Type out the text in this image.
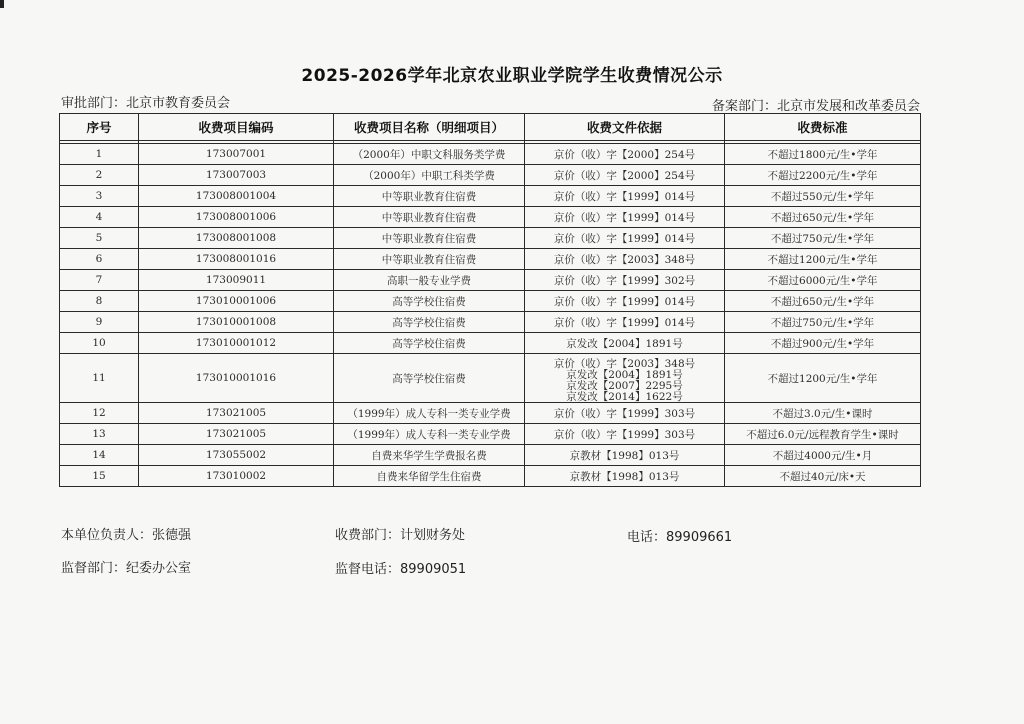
2025-2026学年北京农业职业学院学生收费情况公示
审批部门：北京市教育委员会	备案部门：北京市发展和改革委员会
序号	收费项目编码	收费项目名称（明细项目）	收费文件依据	收费标准

1	173007001	（2000年）中职文科服务类学费	京价（收）字【2000】254号	不超过1800元/生•学年
2	173007003	（2000年）中职工科类学费	京价（收）字【2000】254号	不超过2200元/生•学年
3	173008001004	中等职业教育住宿费	京价（收）字【1999】014号	不超过550元/生•学年
4	173008001006	中等职业教育住宿费	京价（收）字【1999】014号	不超过650元/生•学年
5	173008001008	中等职业教育住宿费	京价（收）字【1999】014号	不超过750元/生•学年
6	173008001016	中等职业教育住宿费	京价（收）字【2003】348号	不超过1200元/生•学年
7	173009011	高职一般专业学费	京价（收）字【1999】302号	不超过6000元/生•学年
8	173010001006	高等学校住宿费	京价（收）字【1999】014号	不超过650元/生•学年
9	173010001008	高等学校住宿费	京价（收）字【1999】014号	不超过750元/生•学年
10	173010001012	高等学校住宿费	京发改【2004】1891号	不超过900元/生•学年
11	173010001016	高等学校住宿费	京价（收）字【2003】348号
京发改【2004】1891号
京发改【2007】2295号
京发改【2014】1622号	不超过1200元/生•学年
12	173021005	（1999年）成人专科一类专业学费	京价（收）字【1999】303号	不超过3.0元/生•课时
13	173021005	（1999年）成人专科一类专业学费	京价（收）字【1999】303号	不超过6.0元/远程教育学生•课时
14	173055002	自费来华学生学费报名费	京教材【1998】013号	不超过4000元/生•月
15	173010002	自费来华留学生住宿费	京教材【1998】013号	不超过40元/床•天
本单位负责人：张德强	收费部门：计划财务处	电话：89909661
监督部门：纪委办公室	监督电话：89909051
